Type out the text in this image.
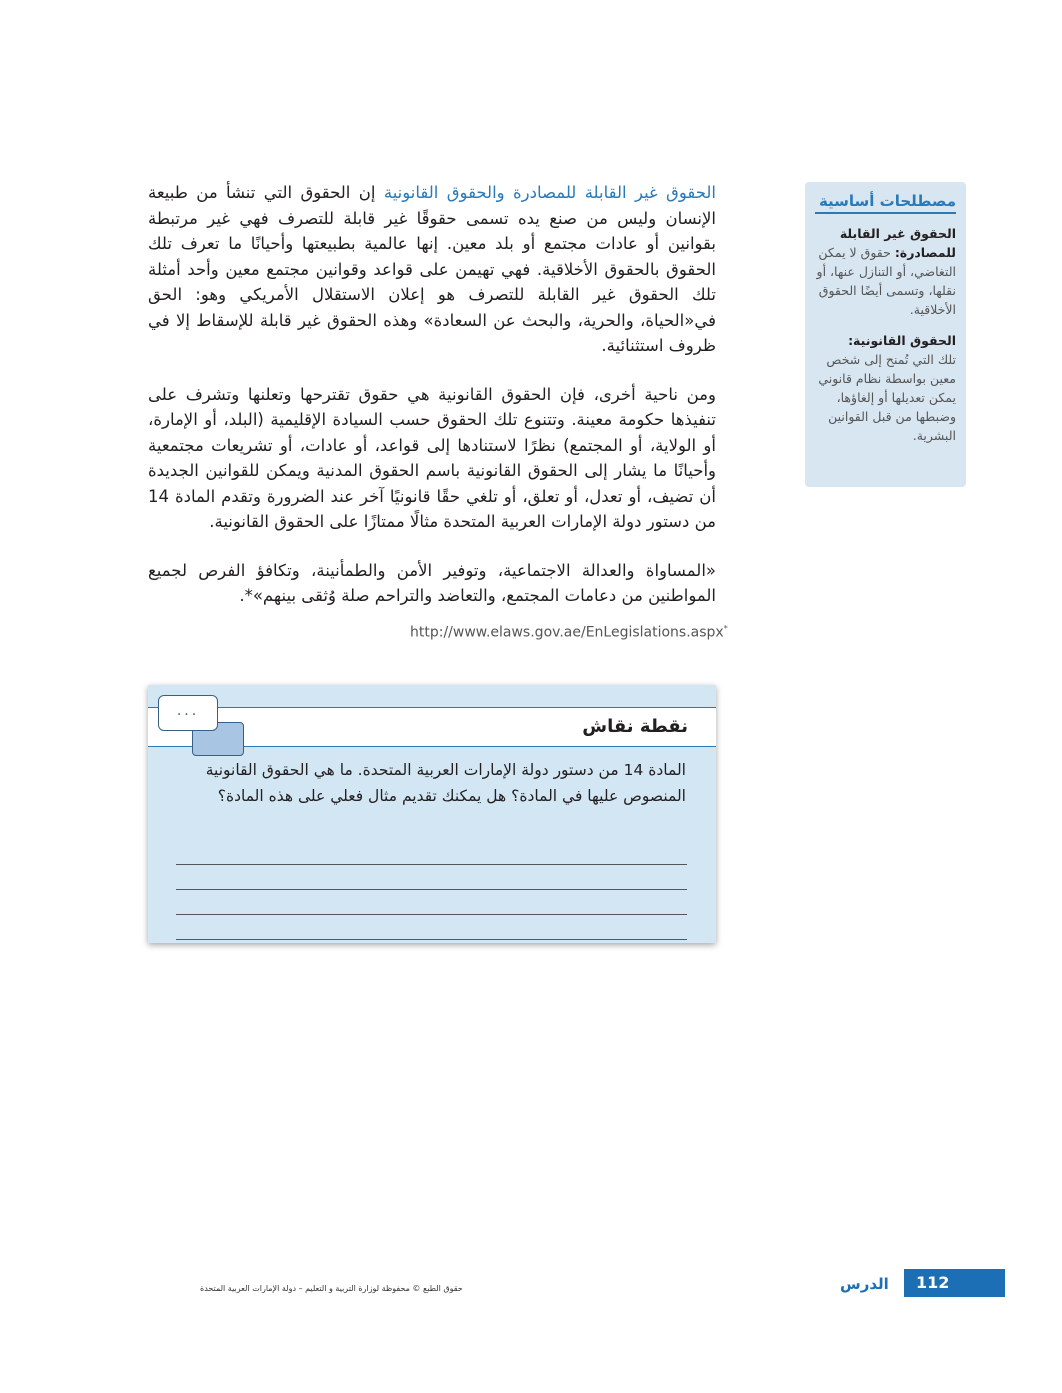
الحقوق غير القابلة للمصادرة والحقوق القانونية إن الحقوق التي تنشأ من طبيعة الإنسان وليس من صنع يده تسمى حقوقًا غير قابلة للتصرف فهي غير مرتبطة بقوانين أو عادات مجتمع أو بلد معين. إنها عالمية بطبيعتها وأحيانًا ما تعرف تلك الحقوق بالحقوق الأخلاقية. فهي تهيمن على قواعد وقوانين مجتمع معين وأحد أمثلة تلك الحقوق غير القابلة للتصرف هو إعلان الاستقلال الأمريكي وهو: الحق في«الحياة، والحرية، والبحث عن السعادة» وهذه الحقوق غير قابلة للإسقاط إلا في ظروف استثنائية.

ومن ناحية أخرى، فإن الحقوق القانونية هي حقوق تقترحها وتعلنها وتشرف على تنفيذها حكومة معينة. وتتنوع تلك الحقوق حسب السيادة الإقليمية (البلد، أو الإمارة، أو الولاية، أو المجتمع) نظرًا لاستنادها إلى قواعد، أو عادات، أو تشريعات مجتمعية وأحيانًا ما يشار إلى الحقوق القانونية باسم الحقوق المدنية ويمكن للقوانين الجديدة أن تضيف، أو تعدل، أو تعلق، أو تلغي حقًا قانونيًا آخر عند الضرورة وتقدم المادة 14 من دستور دولة الإمارات العربية المتحدة مثالًا ممتازًا على الحقوق القانونية.

«المساواة والعدالة الاجتماعية، وتوفير الأمن والطمأنينة، وتكافؤ الفرص لجميع المواطنين من دعامات المجتمع، والتعاضد والتراحم صلة وُثقى بينهم»*.

http://www.elaws.gov.ae/EnLegislations.aspx*
مصطلحات أساسية

الحقوق غير القابلة للمصادرة: حقوق لا يمكن التغاضي، أو التنازل عنها، أو نقلها، وتسمى أيضًا الحقوق الأخلاقية.

الحقوق القانونية:
تلك التي تُمنح إلى شخص معين بواسطة نظام قانوني يمكن تعديلها أو إلغاؤها، وضبطها من قبل القوانين البشرية.

نقطة نقاش
...
المادة 14 من دستور دولة الإمارات العربية المتحدة. ما هي الحقوق القانونية المنصوص عليها في المادة؟ هل يمكنك تقديم مثال فعلي على هذه المادة؟
112
الدرس
حقوق الطبع © محفوظة لوزارة التربية و التعليم – دولة الإمارات العربية المتحدة
